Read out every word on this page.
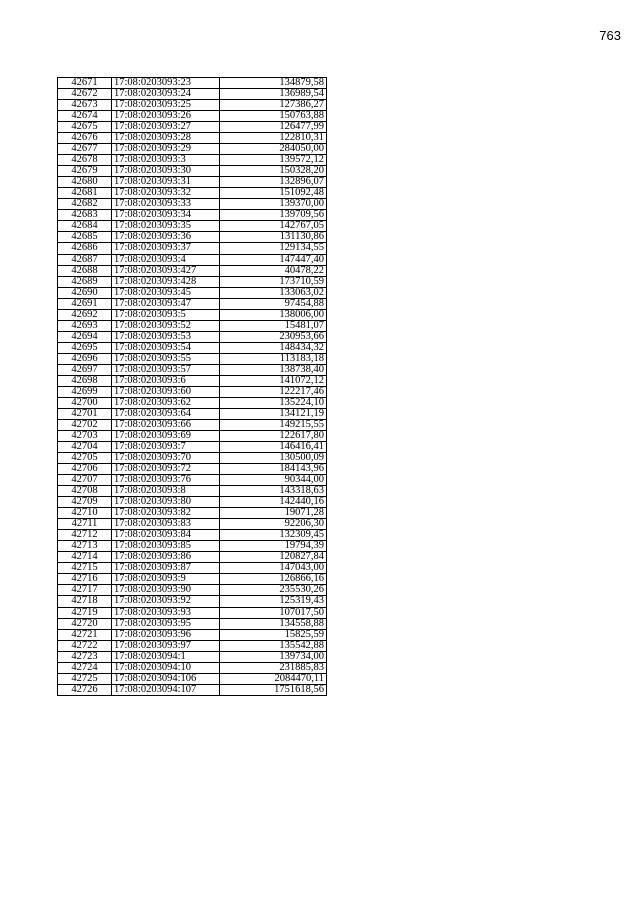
763
42671	17:08:0203093:23	134879,58
42672	17:08:0203093:24	136989,54
42673	17:08:0203093:25	127386,27
42674	17:08:0203093:26	150763,88
42675	17:08:0203093:27	126477,99
42676	17:08:0203093:28	122810,31
42677	17:08:0203093:29	284050,00
42678	17:08:0203093:3	139572,12
42679	17:08:0203093:30	150328,20
42680	17:08:0203093:31	132896,07
42681	17:08:0203093:32	151092,48
42682	17:08:0203093:33	139370,00
42683	17:08:0203093:34	139709,56
42684	17:08:0203093:35	142767,05
42685	17:08:0203093:36	131130,86
42686	17:08:0203093:37	129134,55
42687	17:08:0203093:4	147447,40
42688	17:08:0203093:427	40478,22
42689	17:08:0203093:428	173710,59
42690	17:08:0203093:45	133063,02
42691	17:08:0203093:47	97454,88
42692	17:08:0203093:5	138006,00
42693	17:08:0203093:52	15481,07
42694	17:08:0203093:53	230953,66
42695	17:08:0203093:54	148434,32
42696	17:08:0203093:55	113183,18
42697	17:08:0203093:57	138738,40
42698	17:08:0203093:6	141072,12
42699	17:08:0203093:60	122217,46
42700	17:08:0203093:62	135224,10
42701	17:08:0203093:64	134121,19
42702	17:08:0203093:66	149215,55
42703	17:08:0203093:69	122617,80
42704	17:08:0203093:7	146416,41
42705	17:08:0203093:70	130500,09
42706	17:08:0203093:72	184143,96
42707	17:08:0203093:76	90344,00
42708	17:08:0203093:8	143318,63
42709	17:08:0203093:80	142440,16
42710	17:08:0203093:82	19071,28
42711	17:08:0203093:83	92206,30
42712	17:08:0203093:84	132309,45
42713	17:08:0203093:85	19794,39
42714	17:08:0203093:86	120827,84
42715	17:08:0203093:87	147043,00
42716	17:08:0203093:9	126866,16
42717	17:08:0203093:90	235530,26
42718	17:08:0203093:92	125319,43
42719	17:08:0203093:93	107017,50
42720	17:08:0203093:95	134558,88
42721	17:08:0203093:96	15825,59
42722	17:08:0203093:97	135542,88
42723	17:08:0203094:1	139734,00
42724	17:08:0203094:10	231885,83
42725	17:08:0203094:106	2084470,11
42726	17:08:0203094:107	1751618,56
